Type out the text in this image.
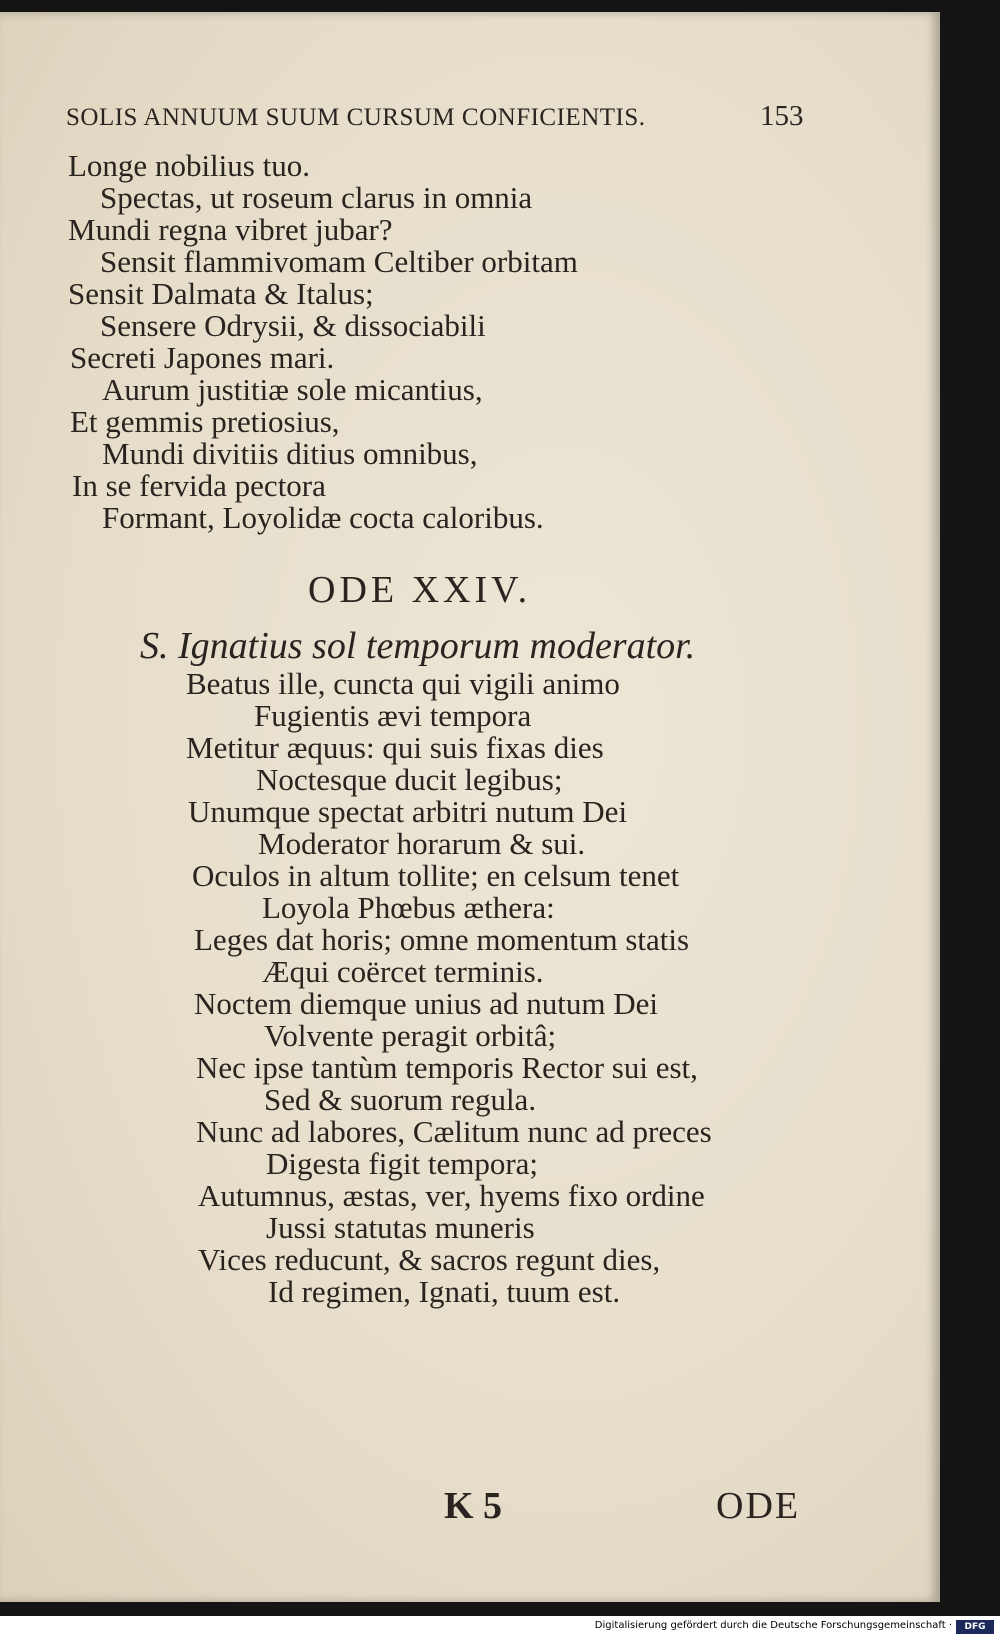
SOLIS ANNUUM SUUM CURSUM CONFICIENTIS.	153
Longe nobilius tuo.
Spectas, ut roseum clarus in omnia
Mundi regna vibret jubar?
Sensit flammivomam Celtiber orbitam
Sensit Dalmata & Italus;
Sensere Odrysii, & dissociabili
Secreti Japones mari.
Aurum justitiæ sole micantius,
Et gemmis pretiosius,
Mundi divitiis ditius omnibus,
In se fervida pectora
Formant, Loyolidæ cocta caloribus.
ODE XXIV.
S. Ignatius sol temporum moderator.
Beatus ille, cuncta qui vigili animo
Fugientis ævi tempora
Metitur æquus: qui suis fixas dies
Noctesque ducit legibus;
Unumque spectat arbitri nutum Dei
Moderator horarum & sui.
Oculos in altum tollite; en celsum tenet
Loyola Phœbus æthera:
Leges dat horis; omne momentum statis
Æqui coërcet terminis.
Noctem diemque unius ad nutum Dei
Volvente peragit orbitâ;
Nec ipse tantùm temporis Rector sui est,
Sed & suorum regula.
Nunc ad labores, Cælitum nunc ad preces
Digesta figit tempora;
Autumnus, æstas, ver, hyems fixo ordine
Jussi statutas muneris
Vices reducunt, & sacros regunt dies,
Id regimen, Ignati, tuum est.
K 5	ODE
Digitalisierung gefördert durch die Deutsche Forschungsgemeinschaft ·	DFG
